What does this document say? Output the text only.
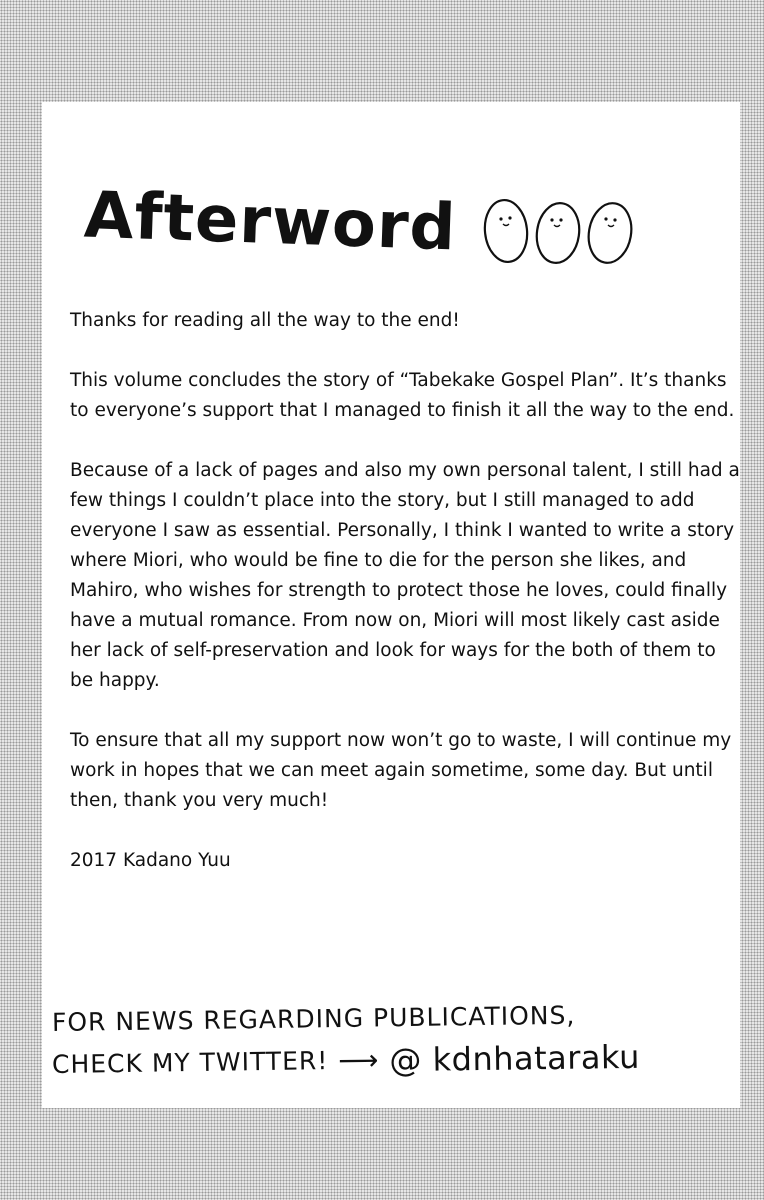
Afterword

Thanks for reading all the way to the end!

This volume concludes the story of “Tabekake Gospel Plan”. It’s thanks to everyone’s support that I managed to finish it all the way to the end.

Because of a lack of pages and also my own personal talent, I still had a few things I couldn’t place into the story, but I still managed to add everyone I saw as essential. Personally, I think I wanted to write a story where Miori, who would be fine to die for the person she likes, and Mahiro, who wishes for strength to protect those he loves, could finally have a mutual romance. From now on, Miori will most likely cast aside her lack of self-preservation and look for ways for the both of them to be happy.

To ensure that all my support now won’t go to waste, I will continue my work in hopes that we can meet again sometime, some day. But until then, thank you very much!

2017 Kadano Yuu

FOR NEWS REGARDING PUBLICATIONS,
CHECK MY TWITTER! ⟶ @ kdnhataraku
